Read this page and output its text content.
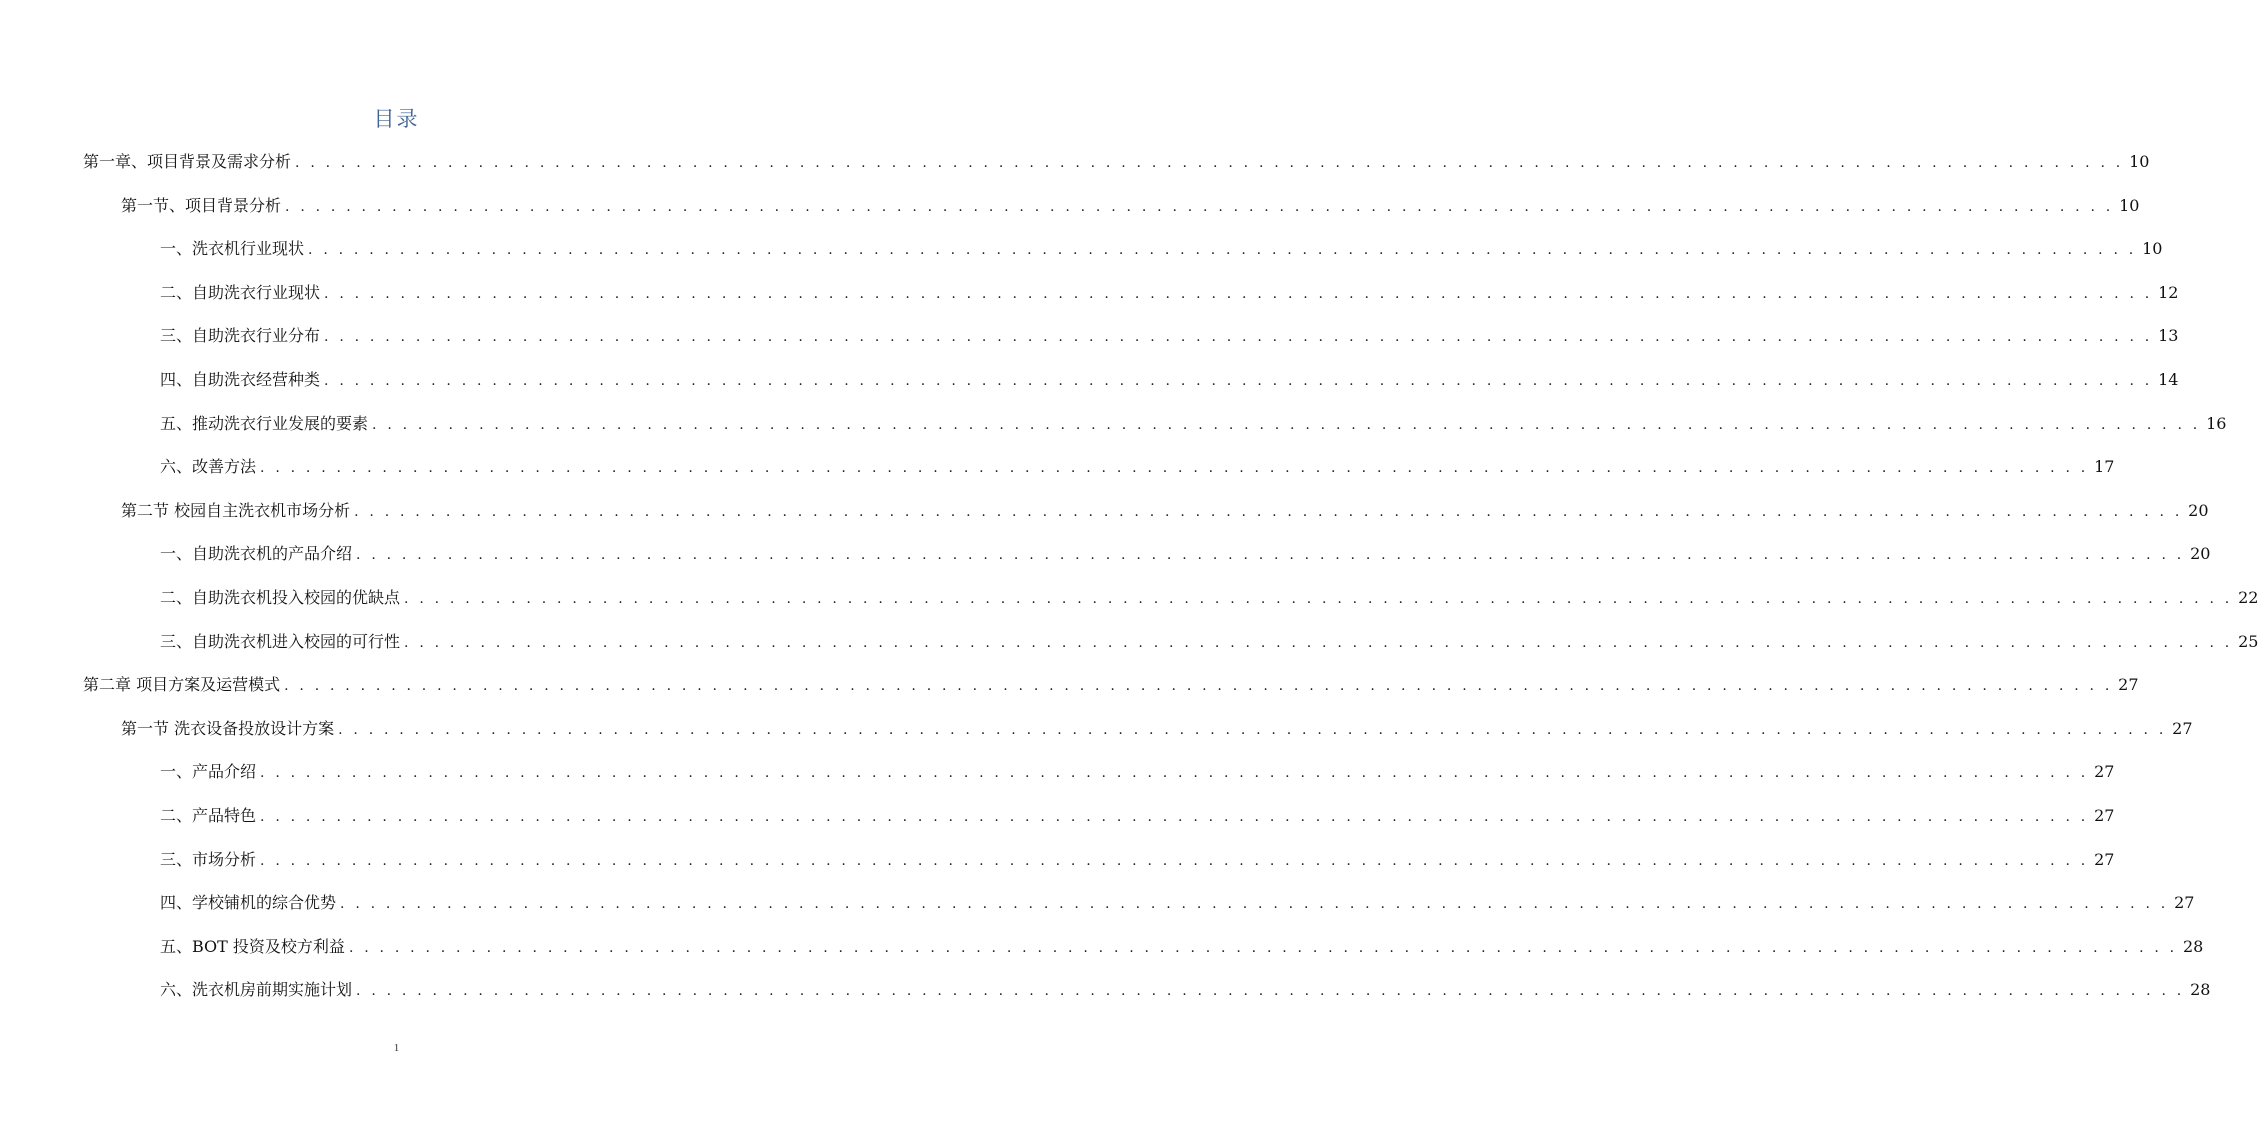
目录
第一章、项目背景及需求分析 . . . . . . . . . . . . . . . . . . . . . . . . . . . . . . . . . . . . . . . . . . . . . . . . . . . . . . . . . . . . . . . . . . . . . . . . . . . . . . . . . . . . . . . . . . . . . . . . . . . . . . . . . . . . . . . . . . . . . . . . 10
第一节、项目背景分析 . . . . . . . . . . . . . . . . . . . . . . . . . . . . . . . . . . . . . . . . . . . . . . . . . . . . . . . . . . . . . . . . . . . . . . . . . . . . . . . . . . . . . . . . . . . . . . . . . . . . . . . . . . . . . . . . . . . . . . . . 10
一、洗衣机行业现状 . . . . . . . . . . . . . . . . . . . . . . . . . . . . . . . . . . . . . . . . . . . . . . . . . . . . . . . . . . . . . . . . . . . . . . . . . . . . . . . . . . . . . . . . . . . . . . . . . . . . . . . . . . . . . . . . . . . . . . . . 10
二、自助洗衣行业现状 . . . . . . . . . . . . . . . . . . . . . . . . . . . . . . . . . . . . . . . . . . . . . . . . . . . . . . . . . . . . . . . . . . . . . . . . . . . . . . . . . . . . . . . . . . . . . . . . . . . . . . . . . . . . . . . . . . . . . . . . 12
三、自助洗衣行业分布 . . . . . . . . . . . . . . . . . . . . . . . . . . . . . . . . . . . . . . . . . . . . . . . . . . . . . . . . . . . . . . . . . . . . . . . . . . . . . . . . . . . . . . . . . . . . . . . . . . . . . . . . . . . . . . . . . . . . . . . . 13
四、自助洗衣经营种类 . . . . . . . . . . . . . . . . . . . . . . . . . . . . . . . . . . . . . . . . . . . . . . . . . . . . . . . . . . . . . . . . . . . . . . . . . . . . . . . . . . . . . . . . . . . . . . . . . . . . . . . . . . . . . . . . . . . . . . . . 14
五、推动洗衣行业发展的要素 . . . . . . . . . . . . . . . . . . . . . . . . . . . . . . . . . . . . . . . . . . . . . . . . . . . . . . . . . . . . . . . . . . . . . . . . . . . . . . . . . . . . . . . . . . . . . . . . . . . . . . . . . . . . . . . . . . . . . . . . 16
六、改善方法 . . . . . . . . . . . . . . . . . . . . . . . . . . . . . . . . . . . . . . . . . . . . . . . . . . . . . . . . . . . . . . . . . . . . . . . . . . . . . . . . . . . . . . . . . . . . . . . . . . . . . . . . . . . . . . . . . . . . . . . . 17
第二节 校园自主洗衣机市场分析 . . . . . . . . . . . . . . . . . . . . . . . . . . . . . . . . . . . . . . . . . . . . . . . . . . . . . . . . . . . . . . . . . . . . . . . . . . . . . . . . . . . . . . . . . . . . . . . . . . . . . . . . . . . . . . . . . . . . . . . . 20
一、自助洗衣机的产品介绍 . . . . . . . . . . . . . . . . . . . . . . . . . . . . . . . . . . . . . . . . . . . . . . . . . . . . . . . . . . . . . . . . . . . . . . . . . . . . . . . . . . . . . . . . . . . . . . . . . . . . . . . . . . . . . . . . . . . . . . . . 20
二、自助洗衣机投入校园的优缺点 . . . . . . . . . . . . . . . . . . . . . . . . . . . . . . . . . . . . . . . . . . . . . . . . . . . . . . . . . . . . . . . . . . . . . . . . . . . . . . . . . . . . . . . . . . . . . . . . . . . . . . . . . . . . . . . . . . . . . . . . 22
三、自助洗衣机进入校园的可行性 . . . . . . . . . . . . . . . . . . . . . . . . . . . . . . . . . . . . . . . . . . . . . . . . . . . . . . . . . . . . . . . . . . . . . . . . . . . . . . . . . . . . . . . . . . . . . . . . . . . . . . . . . . . . . . . . . . . . . . . . 25
第二章 项目方案及运营模式 . . . . . . . . . . . . . . . . . . . . . . . . . . . . . . . . . . . . . . . . . . . . . . . . . . . . . . . . . . . . . . . . . . . . . . . . . . . . . . . . . . . . . . . . . . . . . . . . . . . . . . . . . . . . . . . . . . . . . . . . 27
第一节 洗衣设备投放设计方案 . . . . . . . . . . . . . . . . . . . . . . . . . . . . . . . . . . . . . . . . . . . . . . . . . . . . . . . . . . . . . . . . . . . . . . . . . . . . . . . . . . . . . . . . . . . . . . . . . . . . . . . . . . . . . . . . . . . . . . . . 27
一、产品介绍 . . . . . . . . . . . . . . . . . . . . . . . . . . . . . . . . . . . . . . . . . . . . . . . . . . . . . . . . . . . . . . . . . . . . . . . . . . . . . . . . . . . . . . . . . . . . . . . . . . . . . . . . . . . . . . . . . . . . . . . . 27
二、产品特色 . . . . . . . . . . . . . . . . . . . . . . . . . . . . . . . . . . . . . . . . . . . . . . . . . . . . . . . . . . . . . . . . . . . . . . . . . . . . . . . . . . . . . . . . . . . . . . . . . . . . . . . . . . . . . . . . . . . . . . . . 27
三、市场分析 . . . . . . . . . . . . . . . . . . . . . . . . . . . . . . . . . . . . . . . . . . . . . . . . . . . . . . . . . . . . . . . . . . . . . . . . . . . . . . . . . . . . . . . . . . . . . . . . . . . . . . . . . . . . . . . . . . . . . . . . 27
四、学校铺机的综合优势 . . . . . . . . . . . . . . . . . . . . . . . . . . . . . . . . . . . . . . . . . . . . . . . . . . . . . . . . . . . . . . . . . . . . . . . . . . . . . . . . . . . . . . . . . . . . . . . . . . . . . . . . . . . . . . . . . . . . . . . . 27
五、BOT 投资及校方利益 . . . . . . . . . . . . . . . . . . . . . . . . . . . . . . . . . . . . . . . . . . . . . . . . . . . . . . . . . . . . . . . . . . . . . . . . . . . . . . . . . . . . . . . . . . . . . . . . . . . . . . . . . . . . . . . . . . . . . . . . 28
六、洗衣机房前期实施计划 . . . . . . . . . . . . . . . . . . . . . . . . . . . . . . . . . . . . . . . . . . . . . . . . . . . . . . . . . . . . . . . . . . . . . . . . . . . . . . . . . . . . . . . . . . . . . . . . . . . . . . . . . . . . . . . . . . . . . . . . 28
1
